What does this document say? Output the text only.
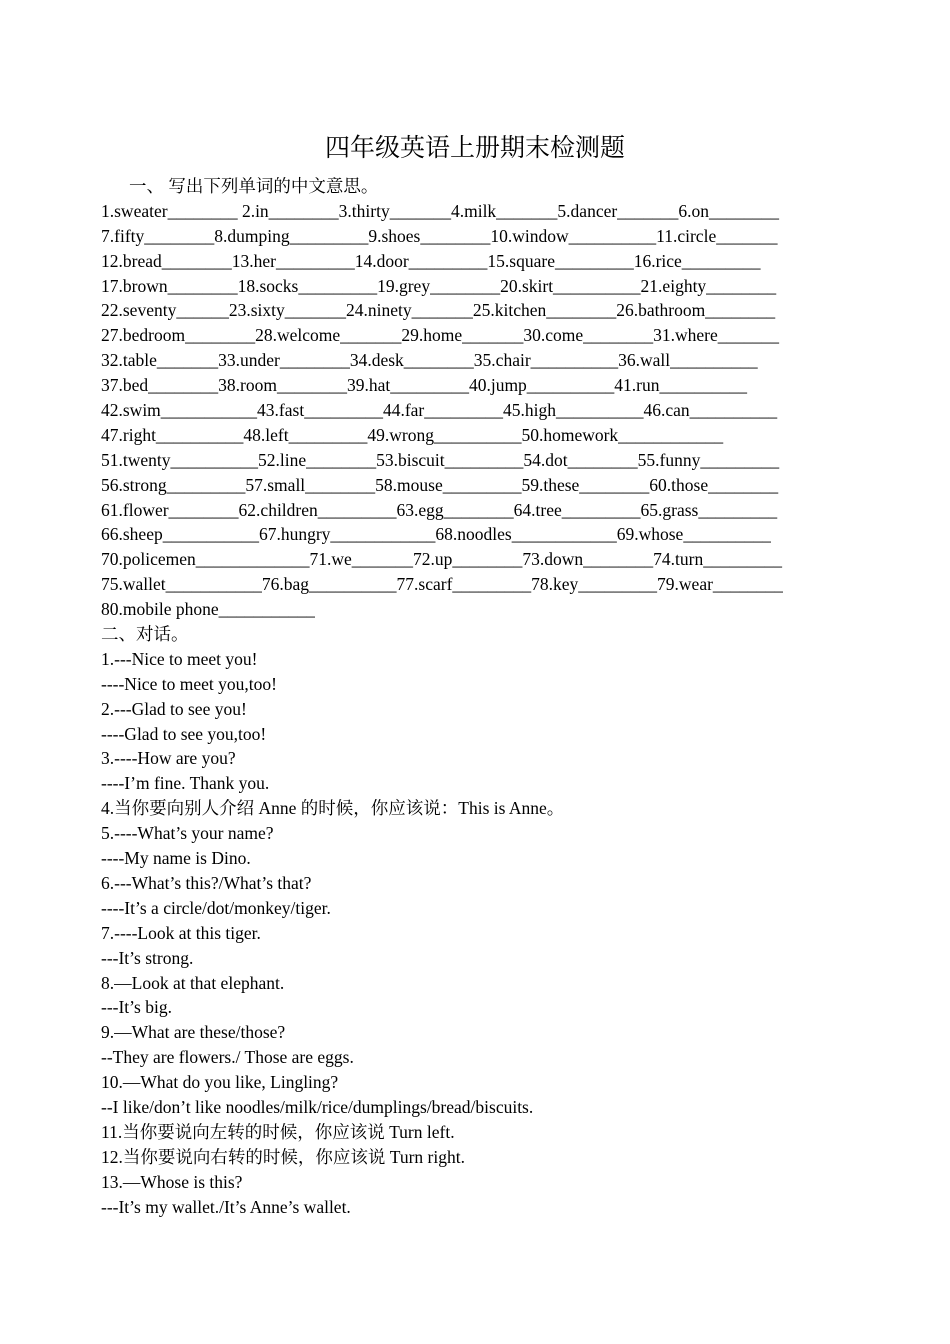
四年级英语上册期末检测题
一、 写出下列单词的中文意思。
1.sweater________ 2.in________3.thirty_______4.milk_______5.dancer_______6.on________
7.fifty________8.dumping_________9.shoes________10.window__________11.circle_______
12.bread________13.her_________14.door_________15.square_________16.rice_________
17.brown________18.socks_________19.grey________20.skirt__________21.eighty________
22.seventy______23.sixty_______24.ninety_______25.kitchen________26.bathroom________
27.bedroom________28.welcome_______29.home_______30.come________31.where_______
32.table_______33.under________34.desk________35.chair__________36.wall__________
37.bed________38.room________39.hat_________40.jump__________41.run__________
42.swim___________43.fast_________44.far_________45.high__________46.can__________
47.right__________48.left_________49.wrong__________50.homework____________
51.twenty__________52.line________53.biscuit_________54.dot________55.funny_________
56.strong_________57.small________58.mouse_________59.these________60.those________
61.flower________62.children_________63.egg________64.tree_________65.grass_________
66.sheep___________67.hungry____________68.noodles____________69.whose__________
70.policemen_____________71.we_______72.up________73.down________74.turn_________
75.wallet___________76.bag__________77.scarf_________78.key_________79.wear________
80.mobile phone___________
二、对话。
1.---Nice to meet you!
----Nice to meet you,too!
2.---Glad to see you!
----Glad to see you,too!
3.----How are you?
----I’m fine. Thank you.
4.当你要向别人介绍 Anne 的时候，你应该说：This is Anne。
5.----What’s your name?
----My name is Dino.
6.---What’s this?/What’s that?
----It’s a circle/dot/monkey/tiger.
7.----Look at this tiger.
---It’s strong.
8.—Look at that elephant.
---It’s big.
9.—What are these/those?
--They are flowers./ Those are eggs.
10.—What do you like, Lingling?
--I like/don’t like noodles/milk/rice/dumplings/bread/biscuits.
11.当你要说向左转的时候，你应该说 Turn left.
12.当你要说向右转的时候，你应该说 Turn right.
13.—Whose is this?
---It’s my wallet./It’s Anne’s wallet.
